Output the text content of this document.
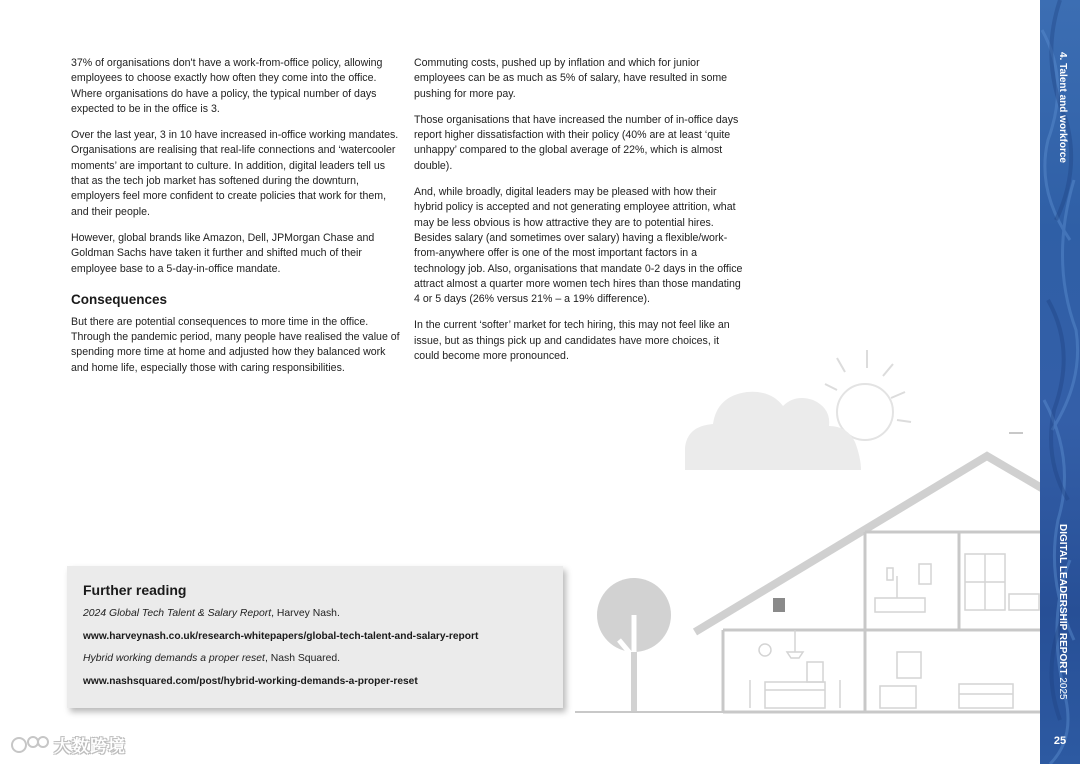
37% of organisations don't have a work-from-office policy, allowing employees to choose exactly how often they come into the office. Where organisations do have a policy, the typical number of days expected to be in the office is 3.

Over the last year, 3 in 10 have increased in-office working mandates. Organisations are realising that real-life connections and ‘watercooler moments’ are important to culture. In addition, digital leaders tell us that as the tech job market has softened during the downturn, employers feel more confident to create policies that work for them, and their people.

However, global brands like Amazon, Dell, JPMorgan Chase and Goldman Sachs have taken it further and shifted much of their employee base to a 5-day-in-office mandate.

Consequences

But there are potential consequences to more time in the office. Through the pandemic period, many people have realised the value of spending more time at home and adjusted how they balanced work and home life, especially those with caring responsibilities.

Commuting costs, pushed up by inflation and which for junior employees can be as much as 5% of salary, have resulted in some pushing for more pay.

Those organisations that have increased the number of in-office days report higher dissatisfaction with their policy (40% are at least ‘quite unhappy’ compared to the global average of 22%, which is almost double).

And, while broadly, digital leaders may be pleased with how their hybrid policy is accepted and not generating employee attrition, what may be less obvious is how attractive they are to potential hires. Besides salary (and sometimes over salary) having a flexible/work-from-anywhere offer is one of the most important factors in a technology job. Also, organisations that mandate 0-2 days in the office attract almost a quarter more women tech hires than those mandating 4 or 5 days (26% versus 21% – a 19% difference).

In the current ‘softer’ market for tech hiring, this may not feel like an issue, but as things pick up and candidates have more choices, it could become more pronounced.

Further reading
2024 Global Tech Talent & Salary Report, Harvey Nash.
www.harveynash.co.uk/research-whitepapers/global-tech-talent-and-salary-report
Hybrid working demands a proper reset, Nash Squared.
www.nashsquared.com/post/hybrid-working-demands-a-proper-reset
4. Talent and workforce
DIGITAL LEADERSHIP REPORT 2025
25
大数跨境
